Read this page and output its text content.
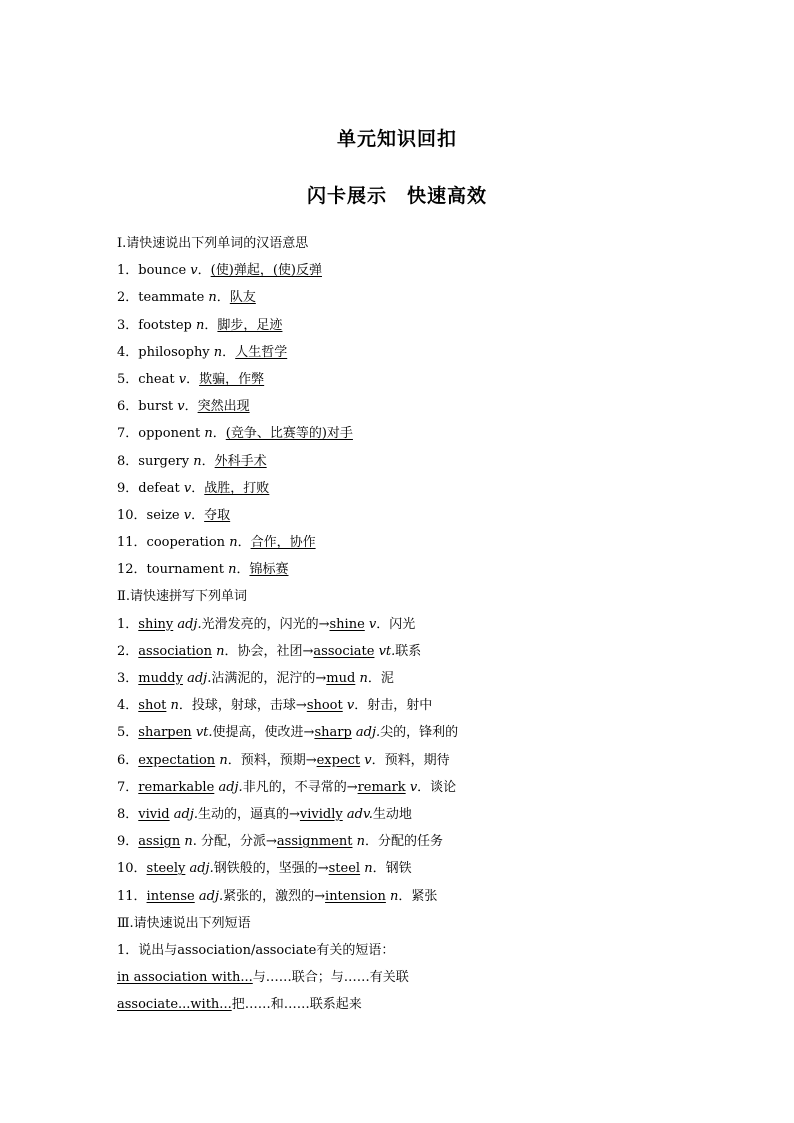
单元知识回扣
闪卡展示　快速高效
Ⅰ.请快速说出下列单词的汉语意思
1．bounce v．(使)弹起，(使)反弹
2．teammate n．队友
3．footstep n．脚步，足迹
4．philosophy n．人生哲学
5．cheat v．欺骗，作弊
6．burst v．突然出现
7．opponent n．(竞争、比赛等的)对手
8．surgery n．外科手术
9．defeat v．战胜，打败
10．seize v．夺取
11．cooperation n．合作，协作
12．tournament n．锦标赛
Ⅱ.请快速拼写下列单词
1．shiny adj.光滑发亮的，闪光的→shine v．闪光
2．association n．协会，社团→associate vt.联系
3．muddy adj.沾满泥的，泥泞的→mud n．泥
4．shot n．投球，射球，击球→shoot v．射击，射中
5．sharpen vt.使提高，使改进→sharp adj.尖的，锋利的
6．expectation n．预料，预期→expect v．预料，期待
7．remarkable adj.非凡的，不寻常的→remark v．谈论
8．vivid adj.生动的，逼真的→vividly adv.生动地
9．assign n. 分配，分派→assignment n．分配的任务
10．steely adj.钢铁般的，坚强的→steel n．钢铁
11．intense adj.紧张的，激烈的→intension n．紧张
Ⅲ.请快速说出下列短语
1．说出与association/associate有关的短语：
in association with...与……联合；与……有关联
associate...with...把……和……联系起来
